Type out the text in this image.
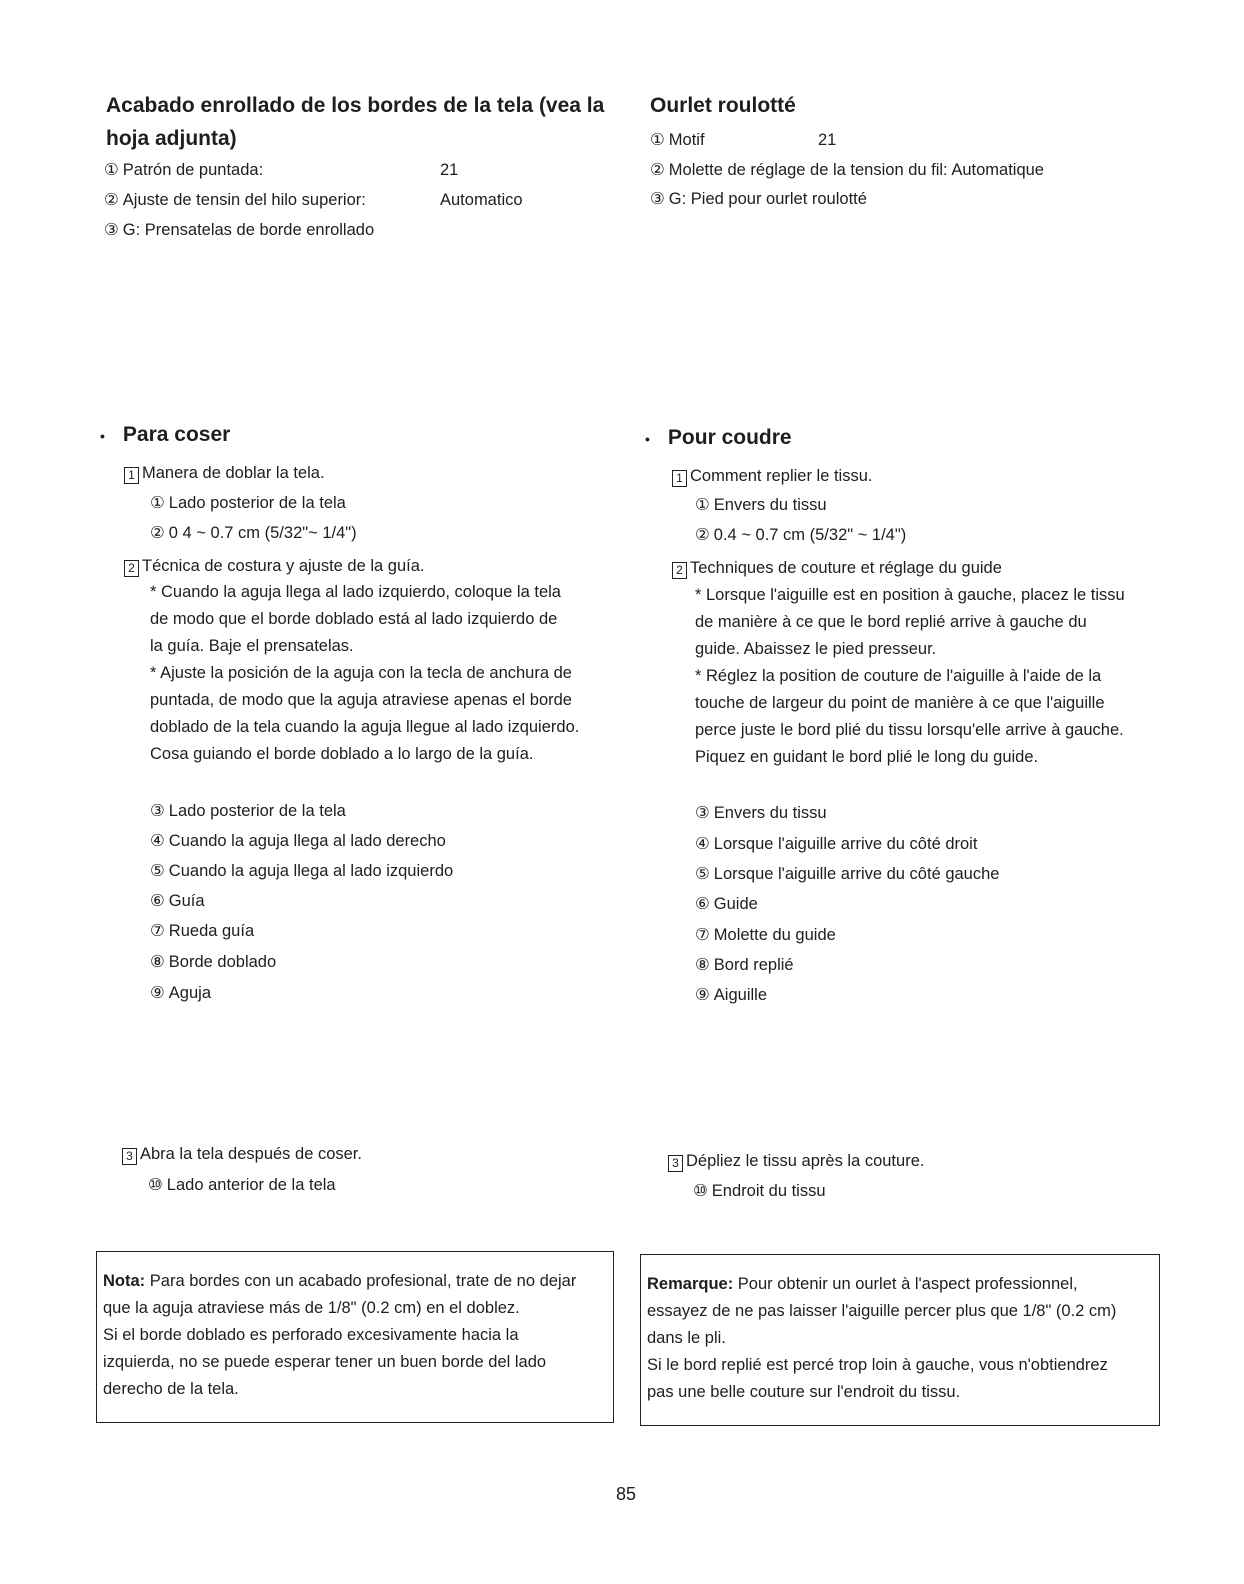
Acabado enrollado de los bordes de la tela (vea la
hoja adjunta)
① Patrón de puntada:	21
② Ajuste de tensin del hilo superior:	Automatico
③ G: Prensatelas de borde enrollado
• Para coser
1 Manera de doblar la tela.
① Lado posterior de la tela
② 0 4 ~ 0.7 cm (5/32"~ 1/4")
2 Técnica de costura y ajuste de la guía.

* Cuando la aguja llega al lado izquierdo, coloque la tela

de modo que el borde doblado está al lado izquierdo de

la guía. Baje el prensatelas.

* Ajuste la posición de la aguja con la tecla de anchura de

puntada, de modo que la aguja atraviese apenas el borde

doblado de la tela cuando la aguja llegue al lado izquierdo.

Cosa guiando el borde doblado a lo largo de la guía.

③ Lado posterior de la tela
④ Cuando la aguja llega al lado derecho
⑤ Cuando la aguja llega al lado izquierdo
⑥ Guía
⑦ Rueda guía
⑧ Borde doblado
⑨ Aguja
3 Abra la tela después de coser.
⑩ Lado anterior de la tela
Nota: Para bordes con un acabado profesional, trate de no dejar
que la aguja atraviese más de 1/8" (0.2 cm) en el doblez.
Si el borde doblado es perforado excesivamente hacia la
izquierda, no se puede esperar tener un buen borde del lado
derecho de la tela.
Ourlet roulotté
① Motif	21
② Molette de réglage de la tension du fil: Automatique
③ G: Pied pour ourlet roulotté
• Pour coudre
1 Comment replier le tissu.
① Envers du tissu
② 0.4 ~ 0.7 cm (5/32" ~ 1/4")
2 Techniques de couture et réglage du guide

* Lorsque l'aiguille est en position à gauche, placez le tissu

de manière à ce que le bord replié arrive à gauche du

guide. Abaissez le pied presseur.

* Réglez la position de couture de l'aiguille à l'aide de la

touche de largeur du point de manière à ce que l'aiguille

perce juste le bord plié du tissu lorsqu'elle arrive à gauche.

Piquez en guidant le bord plié le long du guide.

③ Envers du tissu
④ Lorsque l'aiguille arrive du côté droit
⑤ Lorsque l'aiguille arrive du côté gauche
⑥ Guide
⑦ Molette du guide
⑧ Bord replié
⑨ Aiguille
3 Dépliez le tissu après la couture.
⑩ Endroit du tissu
Remarque: Pour obtenir un ourlet à l'aspect professionnel,
essayez de ne pas laisser l'aiguille percer plus que 1/8" (0.2 cm)
dans le pli.
Si le bord replié est percé trop loin à gauche, vous n'obtiendrez
pas une belle couture sur l'endroit du tissu.
85
